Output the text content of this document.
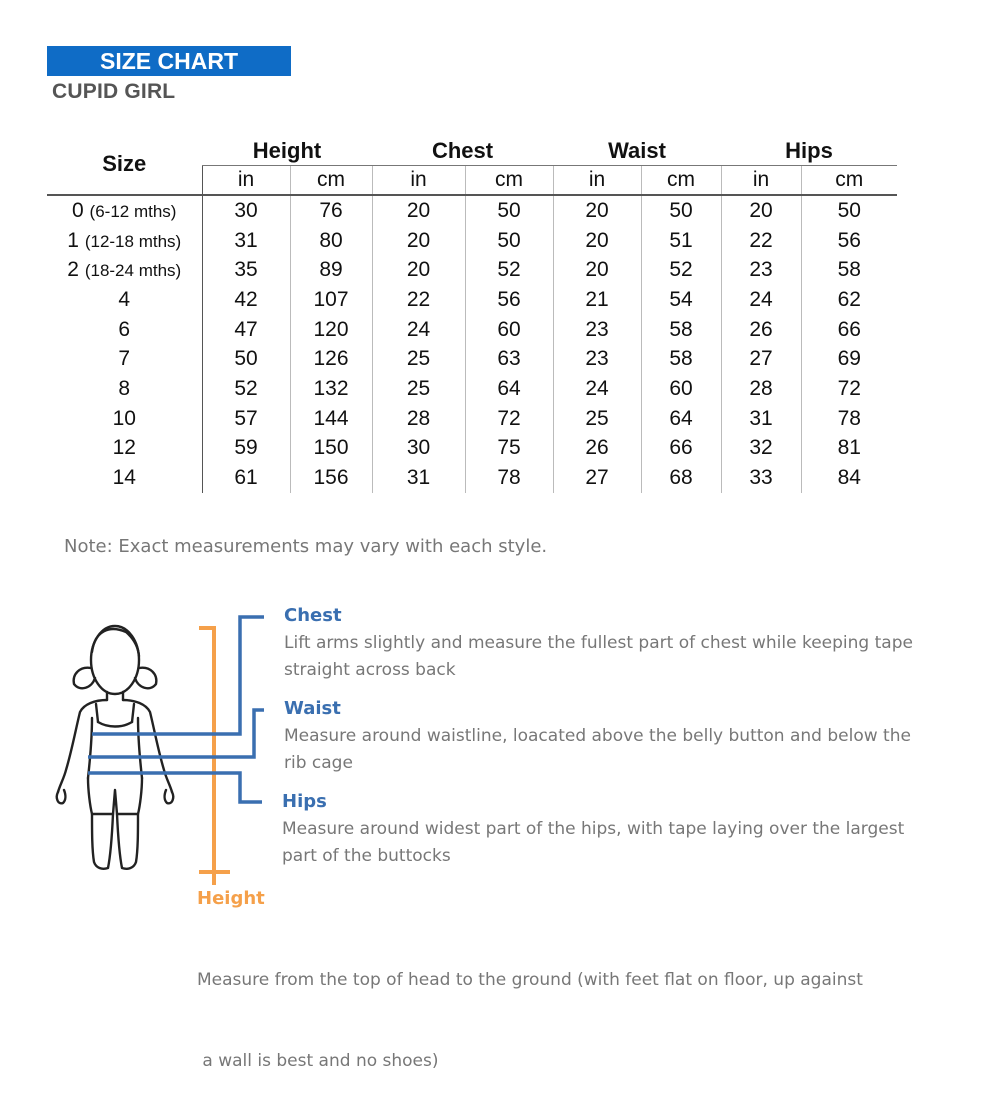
SIZE CHART
CUPID GIRL
Size	Height		Chest		Waist		Hips	
	in	cm	in	cm	in	cm	in	cm
0 (6-12 mths)	30	76	20	50	20	50	20	50
1 (12-18 mths)	31	80	20	50	20	51	22	56
2 (18-24 mths)	35	89	20	52	20	52	23	58
4	42	107	22	56	21	54	24	62
6	47	120	24	60	23	58	26	66
7	50	126	25	63	23	58	27	69
8	52	132	25	64	24	60	28	72
10	57	144	28	72	25	64	31	78
12	59	150	30	75	26	66	32	81
14	61	156	31	78	27	68	33	84
Note: Exact measurements may vary with each style.
Chest
Lift arms slightly and measure the fullest part of chest while keeping tape
straight across back
Waist
Measure around waistline, loacated above the belly button and below the
rib cage
Hips
Measure around widest part of the hips, with tape laying over the largest
part of the buttocks
Height

Measure from the top of head to the ground (with feet flat on floor, up against

a wall is best and no shoes)
